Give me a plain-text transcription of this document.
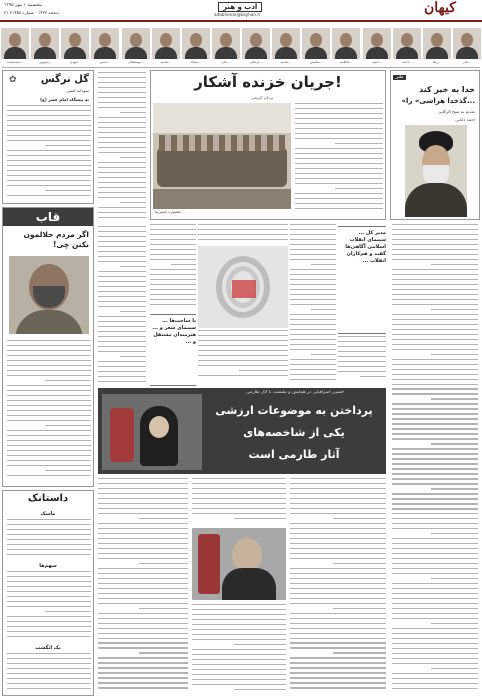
پنجشنبه ۱ مهر ۱۳۹۵
۲۱ ذیحجه ۱۴۳۷ - شماره ۲۱۴۵۸
ادب و هنر
adabhonar@kayhan.ir	کیهان
سیدمحمد...	رحیم‌پور	مهدی...	حسن...	یوسفعلی...	محمد...	سجاد...	علی...	مرتضی...	محمد...	محسن...	فاطمه...	حمید...	احمد...	رضا...	نادر...
گل نرگس
✿
سودابه امینی
به پیشگاه امام عصر (ع)
قاب
اگر مردم حلالمون نکنن چی!
داستانک
ماسک
سهم‌ها
یک انگشت
جریان خزنده آشکار!
یزدان کریمی
جشنواره انجمن‌ها ...
با ساخت‌ها ... سینمای شعر و ... هنرمندان مستقل و ...
مدیر کل ... سینمای انقلاب اسلامی آگاهی‌ها گفت و هم‌کاران انقلاب ...
حسین اسرافیلی در همایش و نشست با آثار طارمی
پرداختن به موضوعات ارزشی
یکی از شاخصه‌های
آثار طارمی است
طنز
خدا به خیر کند
«گذخدا هراسی» را...
تقدیم به شیخ الزکاتی
احمد دانایی
